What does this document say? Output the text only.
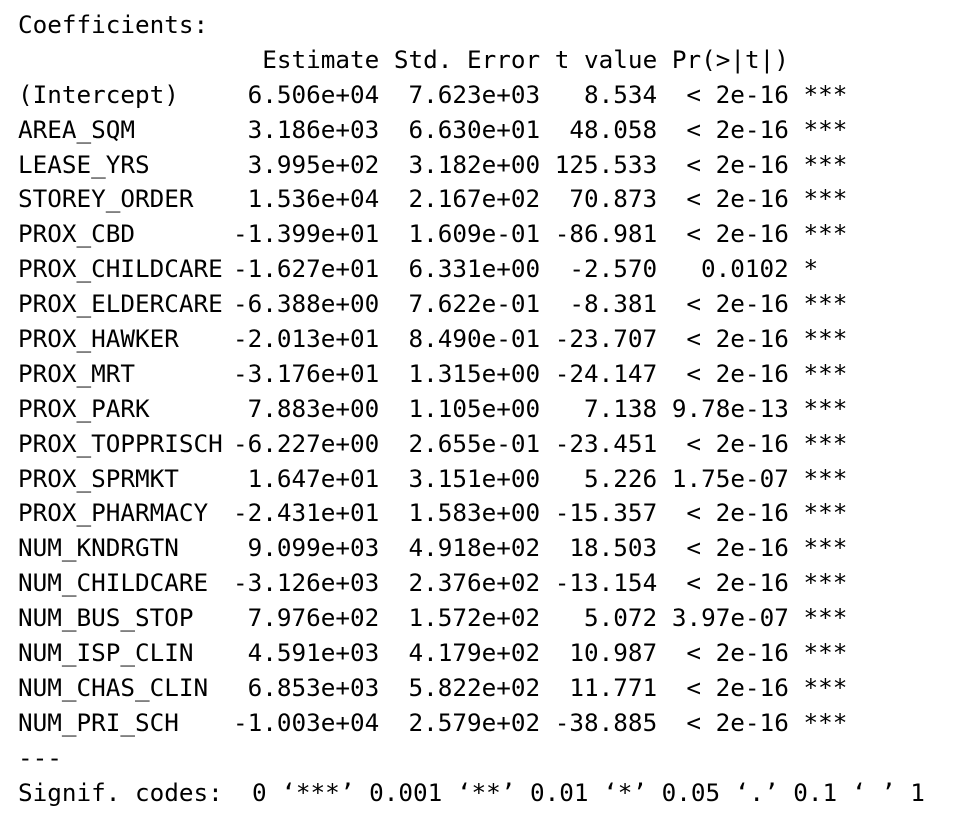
Coefficients:
Estimate Std. Error t value Pr(>|t|)
(Intercept)	6.506e+04 7.623e+03 8.534 < 2e-16 ***
AREA_SQM	3.186e+03 6.630e+01 48.058 < 2e-16 ***
LEASE_YRS	3.995e+02 3.182e+00 125.533 < 2e-16 ***
STOREY_ORDER 1.536e+04 2.167e+02 70.873 < 2e-16 ***
PROX_CBD	-1.399e+01 1.609e-01 -86.981 < 2e-16 ***
PROX_CHILDCARE -1.627e+01 6.331e+00 -2.570 0.0102 *
PROX_ELDERCARE -6.388e+00 7.622e-01 -8.381 < 2e-16 ***
PROX_HAWKER -2.013e+01 8.490e-01 -23.707 < 2e-16 ***
PROX_MRT	-3.176e+01 1.315e+00 -24.147 < 2e-16 ***
PROX_PARK	7.883e+00 1.105e+00 7.138 9.78e-13 ***
PROX_TOPPRISCH -6.227e+00 2.655e-01 -23.451 < 2e-16 ***
PROX_SPRMKT	1.647e+01 3.151e+00 5.226 1.75e-07 ***
PROX_PHARMACY -2.431e+01 1.583e+00 -15.357 < 2e-16 ***
NUM_KNDRGTN	9.099e+03 4.918e+02 18.503 < 2e-16 ***
NUM_CHILDCARE -3.126e+03 2.376e+02 -13.154 < 2e-16 ***
NUM_BUS_STOP 7.976e+02 1.572e+02 5.072 3.97e-07 ***
NUM_ISP_CLIN 4.591e+03 4.179e+02 10.987 < 2e-16 ***
NUM_CHAS_CLIN 6.853e+03 5.822e+02 11.771 < 2e-16 ***
NUM_PRI_SCH -1.003e+04 2.579e+02 -38.885 < 2e-16 ***
---
Signif. codes:  0 ‘***’ 0.001 ‘**’ 0.01 ‘*’ 0.05 ‘.’ 0.1 ‘ ’ 1
